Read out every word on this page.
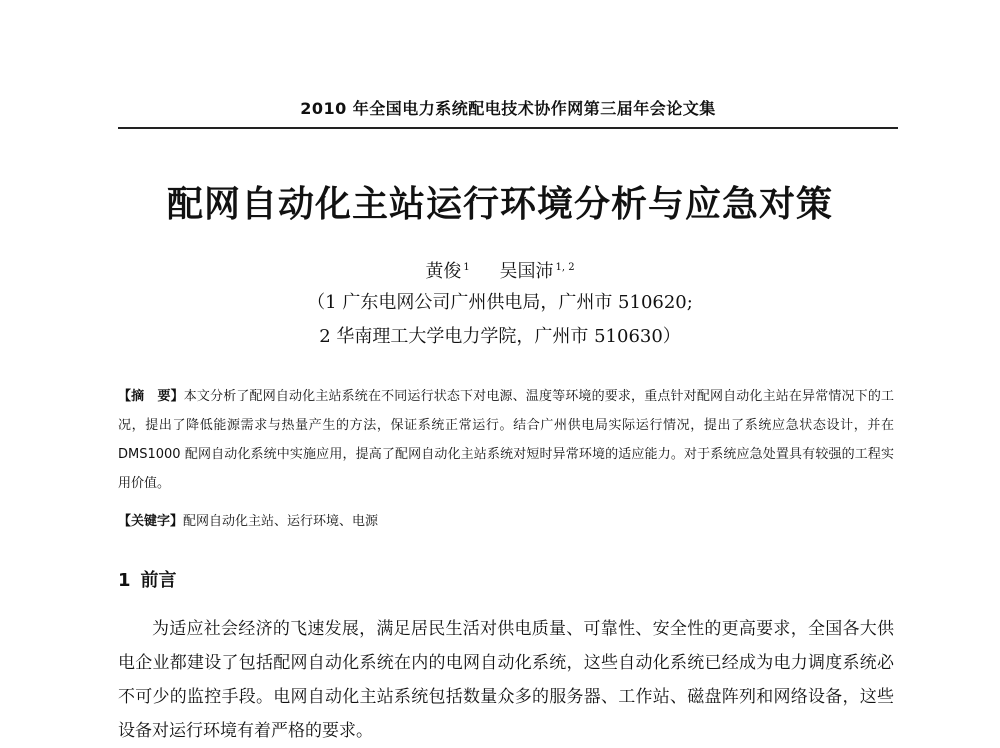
2010 年全国电力系统配电技术协作网第三届年会论文集
配网自动化主站运行环境分析与应急对策
黄俊 $^1$ 吴国沛 $^{1, 2}$
（1 广东电网公司广州供电局，广州市 510620;
2 华南理工大学电力学院，广州市 510630）
【摘　要】本文分析了配网自动化主站系统在不同运行状态下对电源、温度等环境的要求，重点针对配网自动化主站在异常情况下的工况，提出了降低能源需求与热量产生的方法，保证系统正常运行。结合广州供电局实际运行情况，提出了系统应急状态设计，并在 DMS1000 配网自动化系统中实施应用，提高了配网自动化主站系统对短时异常环境的适应能力。对于系统应急处置具有较强的工程实用价值。
【关键字】配网自动化主站、运行环境、电源
1 前言
为适应社会经济的飞速发展，满足居民生活对供电质量、可靠性、安全性的更高要求，全国各大供电企业都建设了包括配网自动化系统在内的电网自动化系统，这些自动化系统已经成为电力调度系统必不可少的监控手段。电网自动化主站系统包括数量众多的服务器、工作站、磁盘阵列和网络设备，这些设备对运行环境有着严格的要求。
